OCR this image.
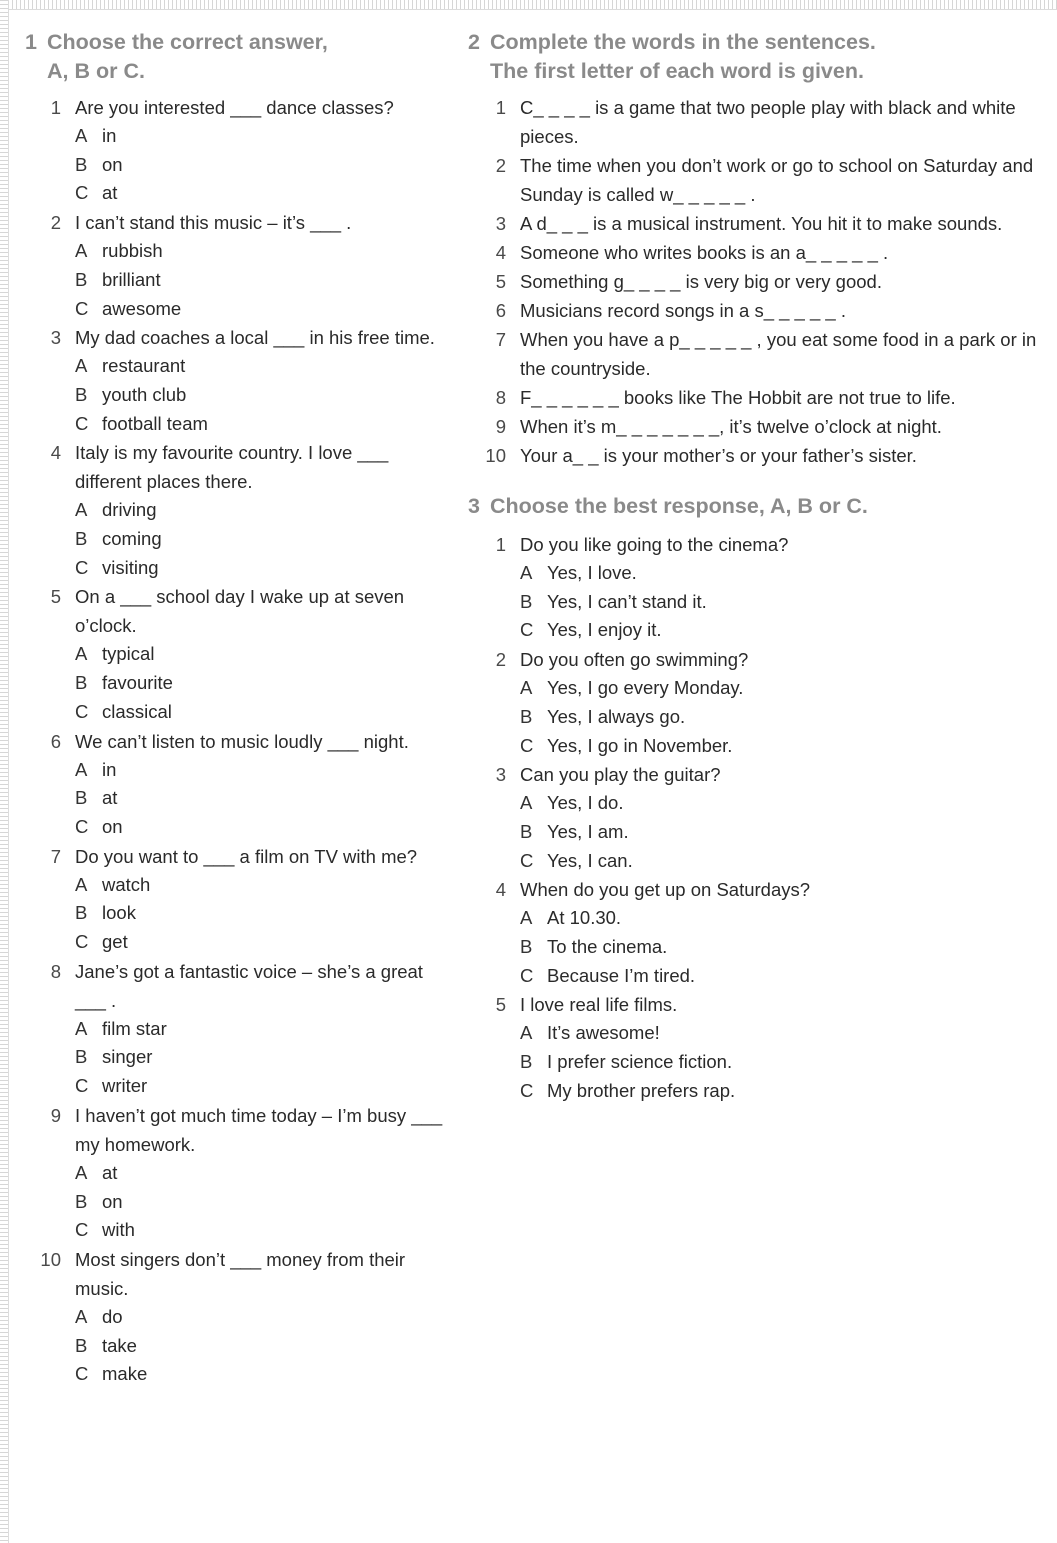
1 Choose the correct answer,
A, B or C.
1 Are you interested ___ dance classes?
A in
B on
C at
2 I can’t stand this music – it’s ___ .
A rubbish
B brilliant
C awesome
3 My dad coaches a local ___ in his free time.
A restaurant
B youth club
C football team
4 Italy is my favourite country. I love ___ different places there.
A driving
B coming
C visiting
5 On a ___ school day I wake up at seven o’clock.
A typical
B favourite
C classical
6 We can’t listen to music loudly ___ night.
A in
B at
C on
7 Do you want to ___ a film on TV with me?
A watch
B look
C get
8 Jane’s got a fantastic voice – she’s a great ___ .
A film star
B singer
C writer
9 I haven’t got much time today – I’m busy ___ my homework.
A at
B on
C with
10 Most singers don’t ___ money from their music.
A do
B take
C make
2 Complete the words in the sentences.
The first letter of each word is given.
1 C_ _ _ _ is a game that two people play with black and white pieces.
2 The time when you don’t work or go to school on Saturday and Sunday is called w_ _ _ _ _ .
3 A d_ _ _ is a musical instrument. You hit it to make sounds.
4 Someone who writes books is an a_ _ _ _ _ .
5 Something g_ _ _ _ is very big or very good.
6 Musicians record songs in a s_ _ _ _ _ .
7 When you have a p_ _ _ _ _ , you eat some food in a park or in the countryside.
8 F_ _ _ _ _ _ books like The Hobbit are not true to life.
9 When it’s m_ _ _ _ _ _ _, it’s twelve o’clock at night.
10 Your a_ _ is your mother’s or your father’s sister.
3 Choose the best response, A, B or C.
1 Do you like going to the cinema?
A Yes, I love.
B Yes, I can’t stand it.
C Yes, I enjoy it.
2 Do you often go swimming?
A Yes, I go every Monday.
B Yes, I always go.
C Yes, I go in November.
3 Can you play the guitar?
A Yes, I do.
B Yes, I am.
C Yes, I can.
4 When do you get up on Saturdays?
A At 10.30.
B To the cinema.
C Because I’m tired.
5 I love real life films.
A It’s awesome!
B I prefer science fiction.
C My brother prefers rap.
